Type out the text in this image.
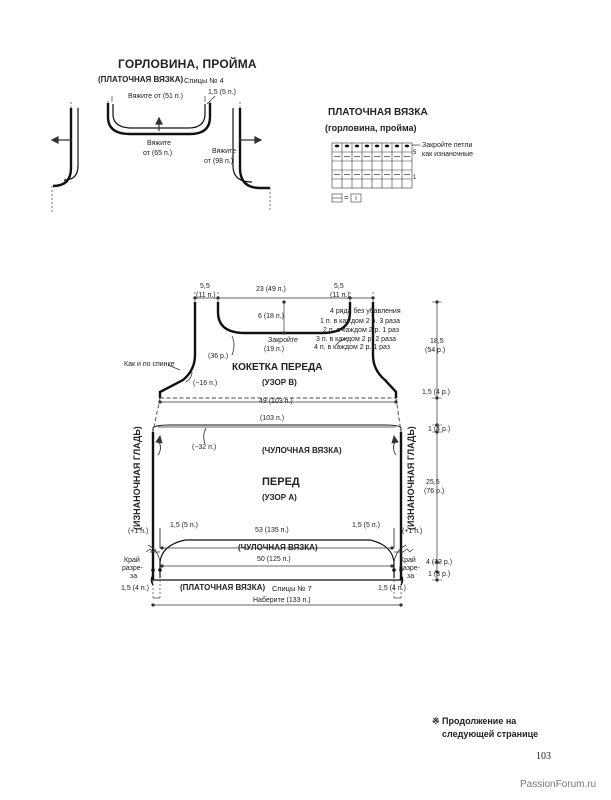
ГОРЛОВИНА, ПРОЙМА
(ПЛАТОЧНАЯ ВЯЗКА) Спицы № 4
Вяжите от (51 п.)
1,5 (5 п.)
Вяжите
от (65 п.)	Вяжите
от (98 п.)
ПЛАТОЧНАЯ ВЯЗКА
(горловина, пройма)
Закройте петли
как изнаночные
5
1
=
5,5
(11 п.)
23 (49 п.)	5,5
(11 п.)
6 (18 п.)
4 ряда без убавления
1 п. в каждом 2 р. 3 раза
2 п. в каждом 2 р. 1 раз
3 п. в каждом 2 р. 2 раза
4 п. в каждом 2 р. 1 раз
Закройте
(19 п.)
(36 р.)
Как и по спинке
(−16 п.)
КОКЕТКА ПЕРЕДА
(УЗОР В)
49 (103 п.)
18,5
(54 р.)
1,5 (4 р.)
(103 п.)
1 (4 р.)
(−32 п.)	(ЧУЛОЧНАЯ ВЯЗКА)
ПЕРЕД
(УЗОР А)
25,5
(76 р.)
(ИЗНАНОЧНАЯ ГЛАДЬ)	(ИЗНАНОЧНАЯ ГЛАДЬ)
(+1 п.)	(+1 п.)
1,5 (5 п.)
53 (135 п.)
1,5 (5 п.)
(ЧУЛОЧНАЯ ВЯЗКА)
50 (125 п.)
Край
разре-
за
Край
разре-
за
4 (12 р.)
1 (3 р.)
1,5 (4 п.)	(ПЛАТОЧНАЯ ВЯЗКА) Спицы № 7	1,5 (4 п.)
Наберите (133 п.)
※ Продолжение на
следующей странице
103
PassionForum.ru
